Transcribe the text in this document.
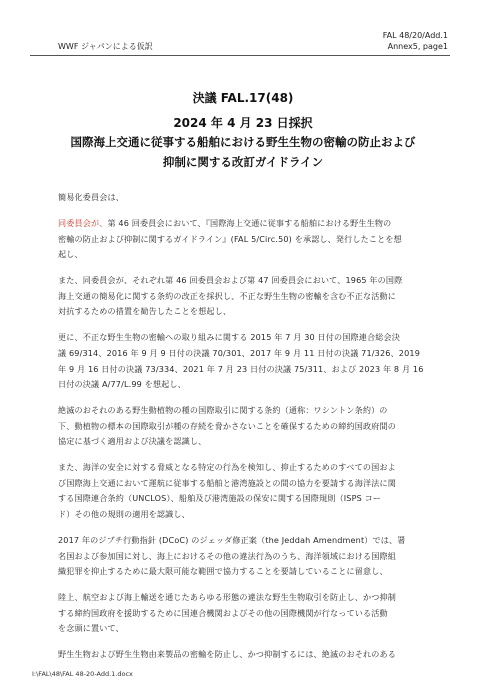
FAL 48/20/Add.1
Annex5, page1
WWF ジャパンによる仮訳
決議 FAL.17(48)
2024 年 4 月 23 日採択
国際海上交通に従事する船舶における野生生物の密輸の防止および
抑制に関する改訂ガイドライン

簡易化委員会は、

同委員会が、第 46 回委員会において、『国際海上交通に従事する船舶における野生生物の
密輸の防止および抑制に関するガイドライン』(FAL 5/Circ.50) を承認し、発行したことを想
起し、

また、同委員会が、それぞれ第 46 回委員会および第 47 回委員会において、1965 年の国際
海上交通の簡易化に関する条約の改正を採択し、不正な野生生物の密輸を含む不正な活動に
対抗するための措置を勧告したことを想起し、

更に、不正な野生生物の密輸への取り組みに関する 2015 年 7 月 30 日付の国際連合総会決
議 69/314、2016 年 9 月 9 日付の決議 70/301、2017 年 9 月 11 日付の決議 71/326、2019
年 9 月 16 日付の決議 73/334、2021 年 7 月 23 日付の決議 75/311、および 2023 年 8 月 16
日付の決議 A/77/L.99 を想起し、

絶滅のおそれのある野生動植物の種の国際取引に関する条約（通称：ワシントン条約）の
下、動植物の標本の国際取引が種の存続を脅かさないことを確保するための締約国政府間の
協定に基づく適用および決議を認識し、

また、海洋の安全に対する脅威となる特定の行為を検知し、抑止するためのすべての国およ
び国際海上交通において運航に従事する船舶と港湾施設との間の協力を要請する海洋法に関
する国際連合条約（UNCLOS）、船舶及び港湾施設の保安に関する国際規則（ISPS コー
ド）その他の規則の適用を認識し、

2017 年のジブチ行動指針 (DCoC) のジェッダ修正案（the Jeddah Amendment）では、署
名国および参加国に対し、海上におけるその他の違法行為のうち、海洋領域における国際組
織犯罪を抑止するために最大限可能な範囲で協力することを要請していることに留意し、

陸上、航空および海上輸送を通じたあらゆる形態の違法な野生生物取引を防止し、かつ抑制
する締約国政府を援助するために国連合機関およびその他の国際機関が行なっている活動
を念頭に置いて、

野生生物および野生生物由来製品の密輸を防止し、かつ抑制するには、絶滅のおそれのある

I:\FAL\48\FAL 48-20-Add.1.docx
